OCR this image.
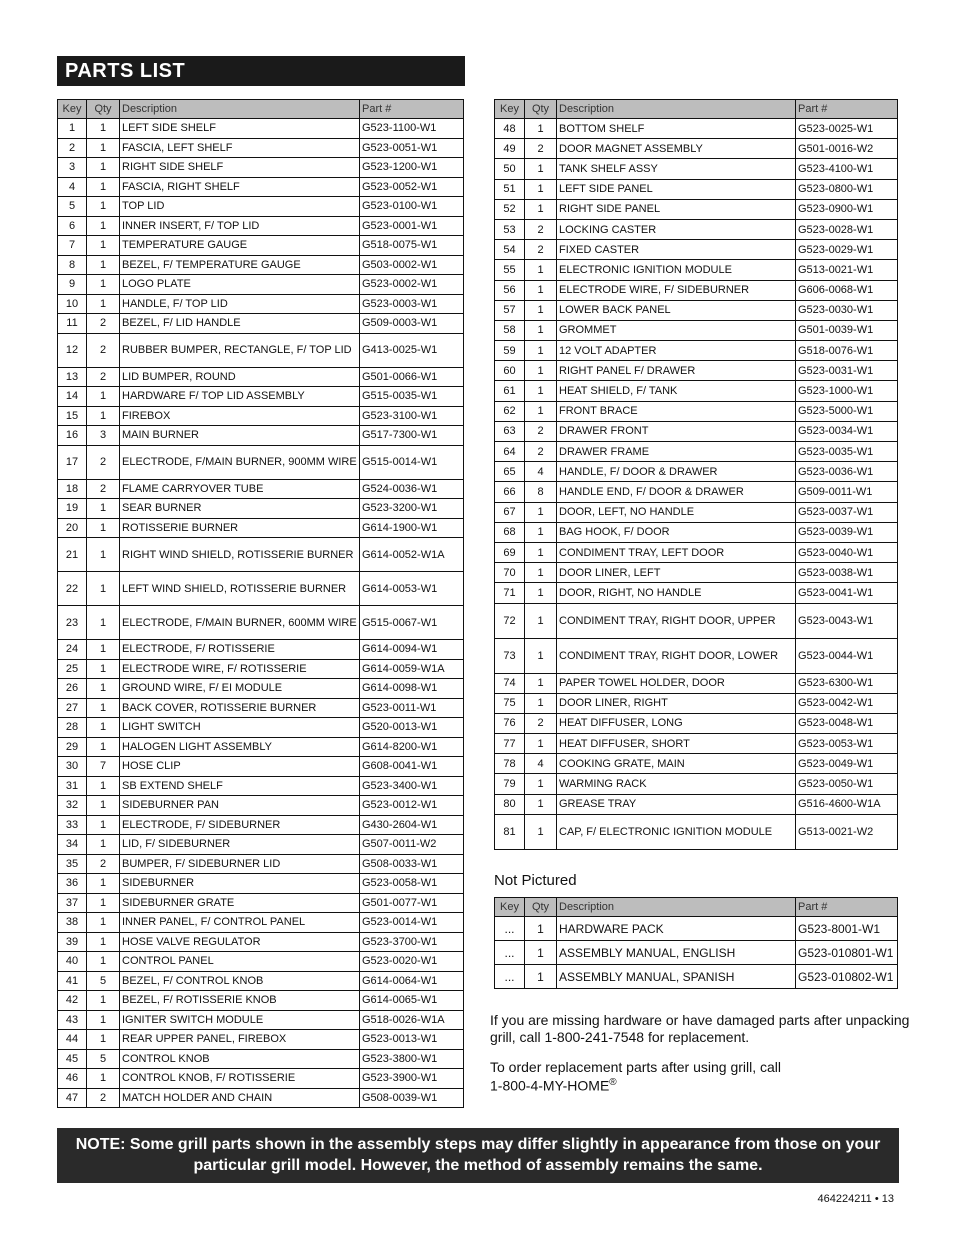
PARTS LIST
Key	Qty	Description	Part #
1	1	LEFT SIDE SHELF	G523-1100-W1
2	1	FASCIA, LEFT SHELF	G523-0051-W1
3	1	RIGHT SIDE SHELF	G523-1200-W1
4	1	FASCIA, RIGHT SHELF	G523-0052-W1
5	1	TOP LID	G523-0100-W1
6	1	INNER INSERT, F/ TOP LID	G523-0001-W1
7	1	TEMPERATURE GAUGE	G518-0075-W1
8	1	BEZEL, F/ TEMPERATURE GAUGE	G503-0002-W1
9	1	LOGO PLATE	G523-0002-W1
10	1	HANDLE, F/ TOP LID	G523-0003-W1
11	2	BEZEL, F/ LID HANDLE	G509-0003-W1
12	2	RUBBER BUMPER, RECTANGLE, F/ TOP LID	G413-0025-W1
13	2	LID BUMPER, ROUND	G501-0066-W1
14	1	HARDWARE F/ TOP LID ASSEMBLY	G515-0035-W1
15	1	FIREBOX	G523-3100-W1
16	3	MAIN BURNER	G517-7300-W1
17	2	ELECTRODE, F/MAIN BURNER, 900MM WIRE	G515-0014-W1
18	2	FLAME CARRYOVER TUBE	G524-0036-W1
19	1	SEAR BURNER	G523-3200-W1
20	1	ROTISSERIE BURNER	G614-1900-W1
21	1	RIGHT WIND SHIELD, ROTISSERIE BURNER	G614-0052-W1A
22	1	LEFT WIND SHIELD, ROTISSERIE BURNER	G614-0053-W1
23	1	ELECTRODE, F/MAIN BURNER, 600MM WIRE	G515-0067-W1
24	1	ELECTRODE, F/ ROTISSERIE	G614-0094-W1
25	1	ELECTRODE WIRE, F/ ROTISSERIE	G614-0059-W1A
26	1	GROUND WIRE, F/ EI MODULE	G614-0098-W1
27	1	BACK COVER, ROTISSERIE BURNER	G523-0011-W1
28	1	LIGHT SWITCH	G520-0013-W1
29	1	HALOGEN LIGHT ASSEMBLY	G614-8200-W1
30	7	HOSE CLIP	G608-0041-W1
31	1	SB EXTEND SHELF	G523-3400-W1
32	1	SIDEBURNER PAN	G523-0012-W1
33	1	ELECTRODE, F/ SIDEBURNER	G430-2604-W1
34	1	LID, F/ SIDEBURNER	G507-0011-W2
35	2	BUMPER, F/ SIDEBURNER LID	G508-0033-W1
36	1	SIDEBURNER	G523-0058-W1
37	1	SIDEBURNER GRATE	G501-0077-W1
38	1	INNER PANEL, F/ CONTROL PANEL	G523-0014-W1
39	1	HOSE VALVE REGULATOR	G523-3700-W1
40	1	CONTROL PANEL	G523-0020-W1
41	5	BEZEL, F/ CONTROL KNOB	G614-0064-W1
42	1	BEZEL, F/ ROTISSERIE KNOB	G614-0065-W1
43	1	IGNITER SWITCH MODULE	G518-0026-W1A
44	1	REAR UPPER PANEL, FIREBOX	G523-0013-W1
45	5	CONTROL KNOB	G523-3800-W1
46	1	CONTROL KNOB, F/ ROTISSERIE	G523-3900-W1
47	2	MATCH HOLDER AND CHAIN	G508-0039-W1
Key	Qty	Description	Part #
48	1	BOTTOM SHELF	G523-0025-W1
49	2	DOOR MAGNET ASSEMBLY	G501-0016-W2
50	1	TANK SHELF ASSY	G523-4100-W1
51	1	LEFT SIDE PANEL	G523-0800-W1
52	1	RIGHT SIDE PANEL	G523-0900-W1
53	2	LOCKING CASTER	G523-0028-W1
54	2	FIXED CASTER	G523-0029-W1
55	1	ELECTRONIC IGNITION MODULE	G513-0021-W1
56	1	ELECTRODE WIRE, F/ SIDEBURNER	G606-0068-W1
57	1	LOWER BACK PANEL	G523-0030-W1
58	1	GROMMET	G501-0039-W1
59	1	12 VOLT ADAPTER	G518-0076-W1
60	1	RIGHT PANEL F/ DRAWER	G523-0031-W1
61	1	HEAT SHIELD, F/ TANK	G523-1000-W1
62	1	FRONT BRACE	G523-5000-W1
63	2	DRAWER FRONT	G523-0034-W1
64	2	DRAWER FRAME	G523-0035-W1
65	4	HANDLE, F/ DOOR & DRAWER	G523-0036-W1
66	8	HANDLE END, F/ DOOR & DRAWER	G509-0011-W1
67	1	DOOR, LEFT, NO HANDLE	G523-0037-W1
68	1	BAG HOOK, F/ DOOR	G523-0039-W1
69	1	CONDIMENT TRAY, LEFT DOOR	G523-0040-W1
70	1	DOOR LINER, LEFT	G523-0038-W1
71	1	DOOR, RIGHT, NO HANDLE	G523-0041-W1
72	1	CONDIMENT TRAY, RIGHT DOOR, UPPER	G523-0043-W1
73	1	CONDIMENT TRAY, RIGHT DOOR, LOWER	G523-0044-W1
74	1	PAPER TOWEL HOLDER, DOOR	G523-6300-W1
75	1	DOOR LINER, RIGHT	G523-0042-W1
76	2	HEAT DIFFUSER, LONG	G523-0048-W1
77	1	HEAT DIFFUSER, SHORT	G523-0053-W1
78	4	COOKING GRATE, MAIN	G523-0049-W1
79	1	WARMING RACK	G523-0050-W1
80	1	GREASE TRAY	G516-4600-W1A
81	1	CAP, F/ ELECTRONIC IGNITION MODULE	G513-0021-W2
Not Pictured
Key	Qty	Description	Part #
...	1	HARDWARE PACK	G523-8001-W1
...	1	ASSEMBLY MANUAL, ENGLISH	G523-010801-W1
...	1	ASSEMBLY MANUAL, SPANISH	G523-010802-W1
If you are missing hardware or have damaged parts after unpacking grill, call 1-800-241-7548 for replacement.
To order replacement parts after using grill, call
1-800-4-MY-HOME®
NOTE: Some grill parts shown in the assembly steps may differ slightly in appearance from those on your particular grill model. However, the method of assembly remains the same.
464224211 • 13
